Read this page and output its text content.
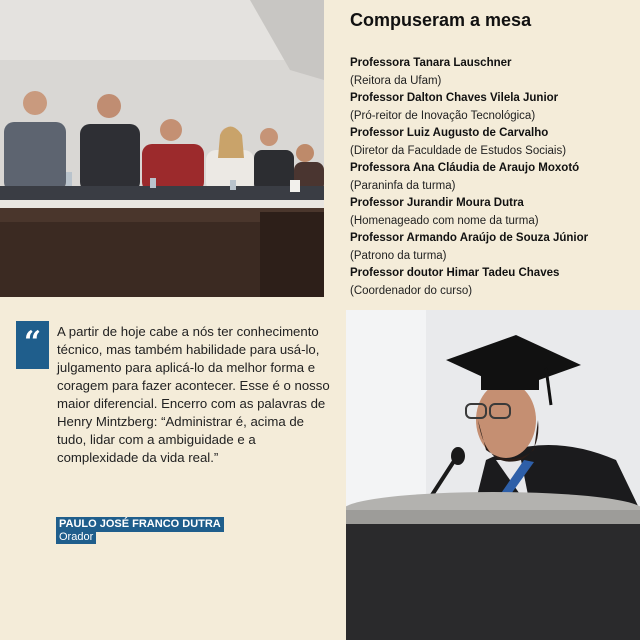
Compuseram a mesa
Professora Tanara Lauschner
(Reitora da Ufam)
Professor Dalton Chaves Vilela Junior
(Pró-reitor de Inovação Tecnológica)
Professor Luiz Augusto de Carvalho
(Diretor da Faculdade de Estudos Sociais)
Professora Ana Cláudia de Araujo Moxotó
(Paraninfa da turma)
Professor Jurandir Moura Dutra
(Homenageado com nome da turma)
Professor Armando Araújo de Souza Júnior
(Patrono da turma)
Professor doutor Himar Tadeu Chaves
(Coordenador do curso)
“	A partir de hoje cabe a nós ter conhecimento técnico, mas também habilidade para usá-lo, julgamento para aplicá-lo da melhor forma e coragem para fazer acontecer. Esse é o nosso maior diferencial. Encerro com as palavras de Henry Mintzberg: “Administrar é, acima de tudo, lidar com a ambiguidade e a complexidade da vida real.”

PAULO JOSÉ FRANCO DUTRA
Orador
